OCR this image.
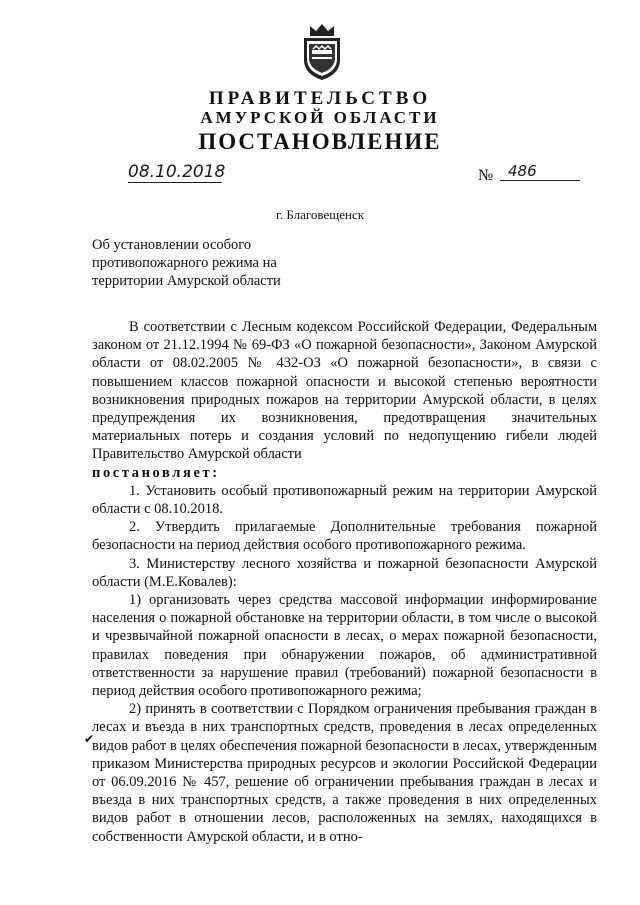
ПРАВИТЕЛЬСТВО
АМУРСКОЙ ОБЛАСТИ
ПОСТАНОВЛЕНИЕ
08.10.2018	№ 486
г. Благовещенск
Об установлении особого
противопожарного режима на
территории Амурской области

В соответствии с Лесным кодексом Российской Федерации, Федеральным законом от 21.12.1994 № 69-ФЗ «О пожарной безопасности», Законом Амурской области от 08.02.2005 № 432-ОЗ «О пожарной безопасности», в связи с повышением классов пожарной опасности и высокой степенью вероятности возникновения природных пожаров на территории Амурской области, в целях предупреждения их возникновения, предотвращения значительных материальных потерь и создания условий по недопущению гибели людей Правительство Амурской области

постановляет:

1. Установить особый противопожарный режим на территории Амурской области с 08.10.2018.

2. Утвердить прилагаемые Дополнительные требования пожарной безопасности на период действия особого противопожарного режима.

3. Министерству лесного хозяйства и пожарной безопасности Амурской области (М.Е.Ковалев):

1) организовать через средства массовой информации информирование населения о пожарной обстановке на территории области, в том числе о высокой и чрезвычайной пожарной опасности в лесах, о мерах пожарной безопасности, правилах поведения при обнаружении пожаров, об административной ответственности за нарушение правил (требований) пожарной безопасности в период действия особого противопожарного режима;

2) принять в соответствии с Порядком ограничения пребывания граждан в лесах и въезда в них транспортных средств, проведения в лесах определенных видов работ в целях обеспечения пожарной безопасности в лесах, утвержденным приказом Министерства природных ресурсов и экологии Российской Федерации от 06.09.2016 № 457, решение об ограничении пребывания граждан в лесах и въезда в них транспортных средств, а также проведения в них определенных видов работ в отношении лесов, расположенных на землях, находящихся в собственности Амурской области, и в отно-

✔
